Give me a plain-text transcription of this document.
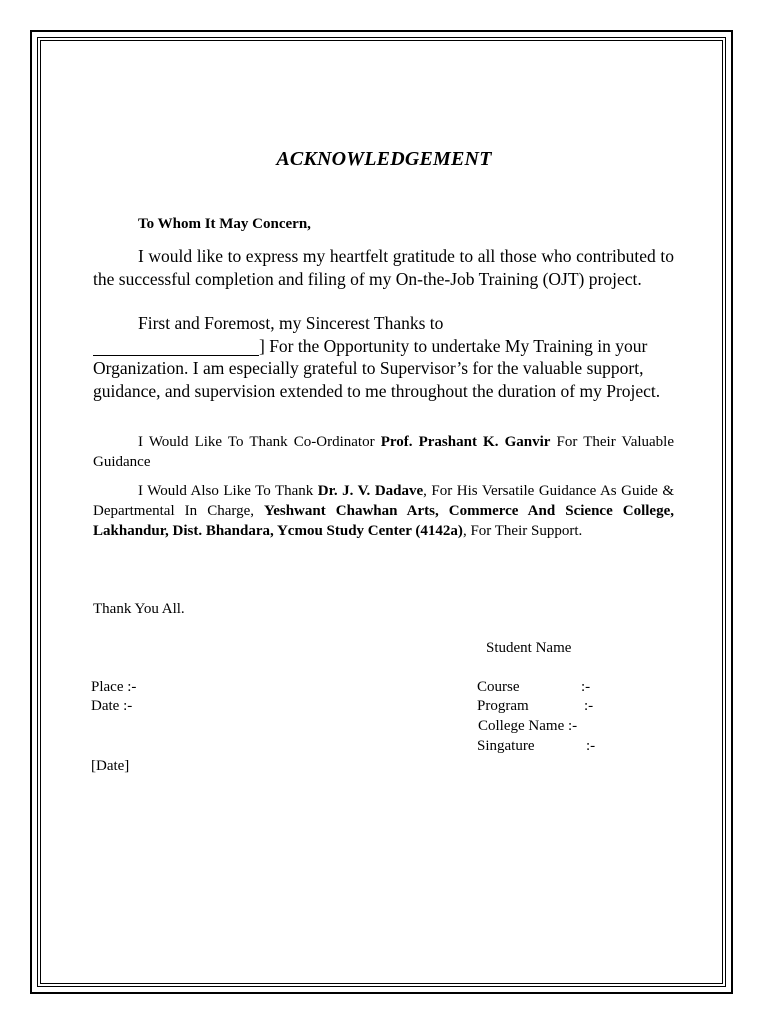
ACKNOWLEDGEMENT
To Whom It May Concern,
I would like to express my heartfelt gratitude to all those who contributed to the successful completion and filing of my On-the-Job Training (OJT) project.
First and Foremost, my Sincerest Thanks to
] For the Opportunity to undertake My Training in your Organization. I am especially grateful to Supervisor’s for the valuable support, guidance, and supervision extended to me throughout the duration of my Project.
I Would Like To Thank Co-Ordinator Prof. Prashant K. Ganvir For Their Valuable Guidance
I Would Also Like To Thank Dr. J. V. Dadave, For His Versatile Guidance As Guide & Departmental In Charge, Yeshwant Chawhan Arts, Commerce And Science College, Lakhandur, Dist. Bhandara, Ycmou Study Center (4142a), For Their Support.
Thank You All.
Student Name
Place :-
Date :-
[Date]
Course	:-
Program	:-
College Name :-
Singature	:-
